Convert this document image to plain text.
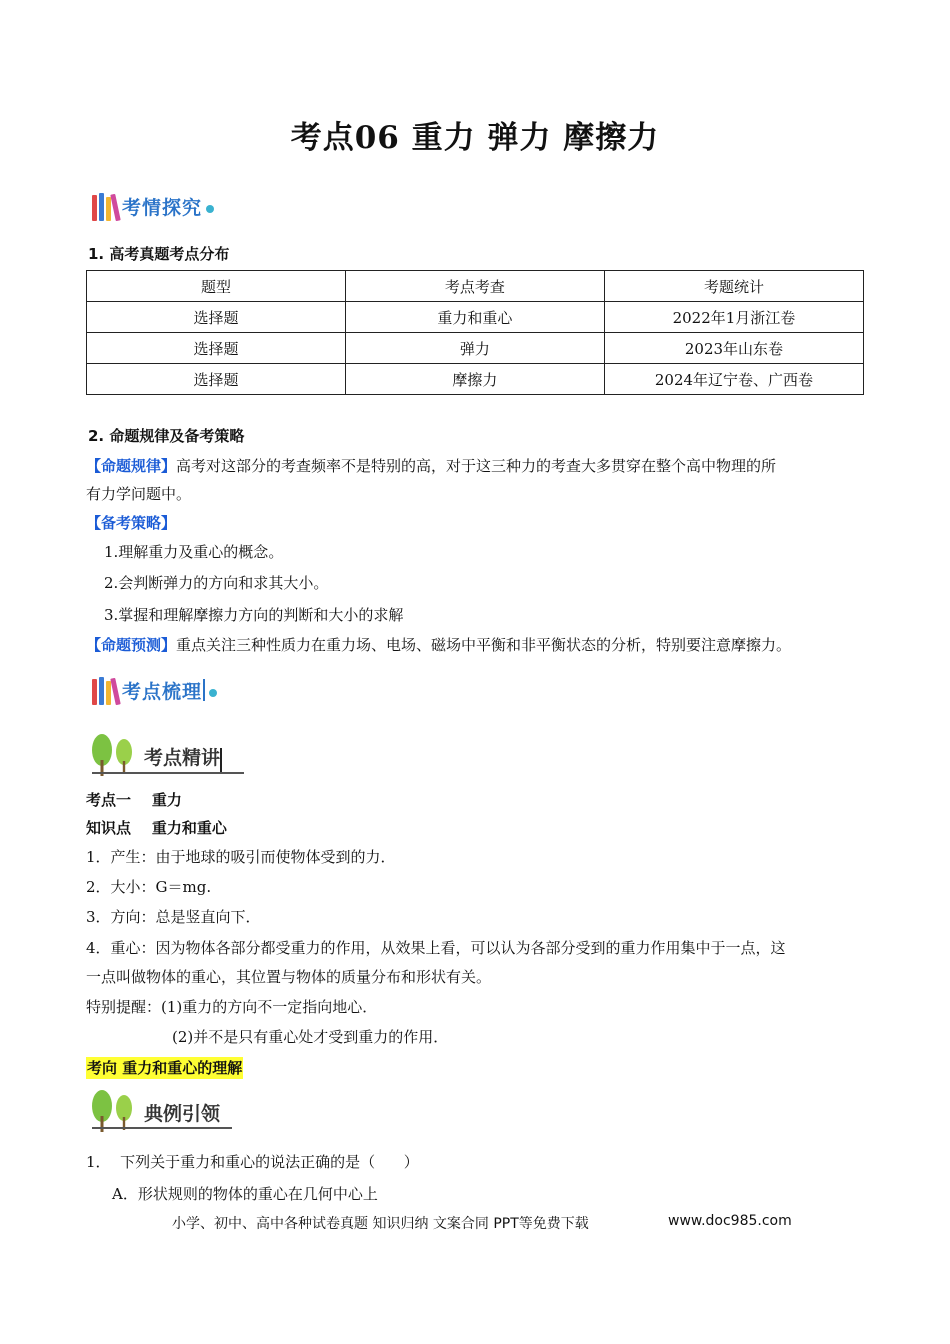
考点06 重力 弹力 摩擦力
考情探究
1. 高考真题考点分布
题型	考点考查	考题统计
选择题	重力和重心	2022年1月浙江卷
选择题	弹力	2023年山东卷
选择题	摩擦力	2024年辽宁卷、广西卷
2. 命题规律及备考策略
【命题规律】高考对这部分的考查频率不是特别的高，对于这三种力的考查大多贯穿在整个高中物理的所
有力学问题中。
【备考策略】
1.理解重力及重心的概念。
2.会判断弹力的方向和求其大小。
3.掌握和理解摩擦力方向的判断和大小的求解
【命题预测】重点关注三种性质力在重力场、电场、磁场中平衡和非平衡状态的分析，特别要注意摩擦力。
考点梳理
考点精讲
考点一    重力
知识点    重力和重心
1．产生：由于地球的吸引而使物体受到的力．
2．大小：G＝mg.
3．方向：总是竖直向下．
4．重心：因为物体各部分都受重力的作用，从效果上看，可以认为各部分受到的重力作用集中于一点，这
一点叫做物体的重心，其位置与物体的质量分布和形状有关。
特别提醒：(1)重力的方向不一定指向地心．
(2)并不是只有重心处才受到重力的作用．
考向 重力和重心的理解
典例引领
1．  下列关于重力和重心的说法正确的是（      ）
A．形状规则的物体的重心在几何中心上
小学、初中、高中各种试卷真题 知识归纳 文案合同 PPT等免费下载	www.doc985.com
